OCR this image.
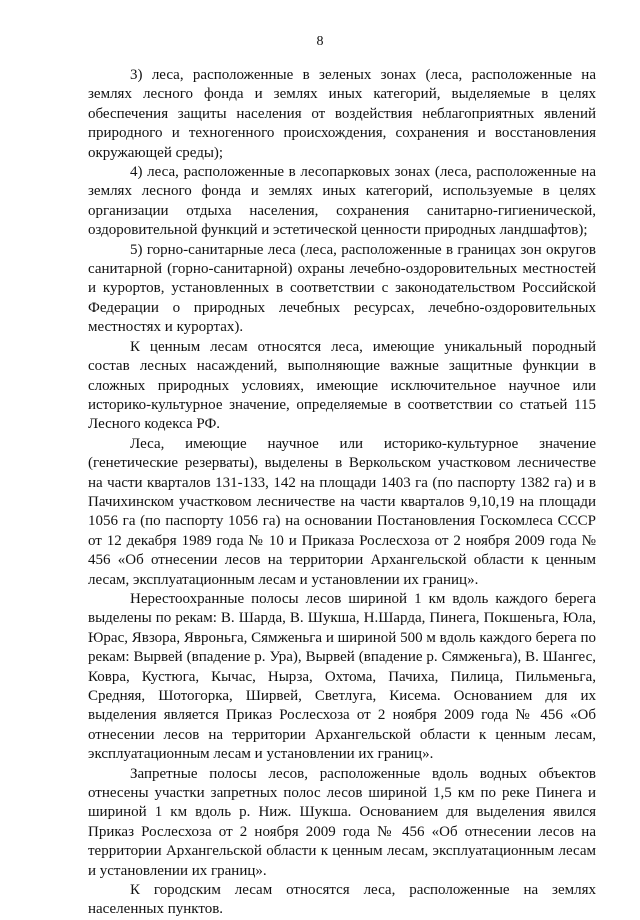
8

3) леса, расположенные в зеленых зонах (леса, расположенные на землях лесного фонда и землях иных категорий, выделяемые в целях обеспечения защиты населения от воздействия неблагоприятных явлений природного и техногенного происхождения, сохранения и восстановления окружающей среды);

4) леса, расположенные в лесопарковых зонах (леса, расположенные на землях лесного фонда и землях иных категорий, используемые в целях организации отдыха населения, сохранения санитарно-гигиенической, оздоровительной функций и эстетической ценности природных ландшафтов);

5) горно-санитарные леса (леса, расположенные в границах зон округов санитарной (горно-санитарной) охраны лечебно-оздоровительных местностей и курортов, установленных в соответствии с законодательством Российской Федерации о природных лечебных ресурсах, лечебно-оздоровительных местностях и курортах).

К ценным лесам относятся леса, имеющие уникальный породный состав лесных насаждений, выполняющие важные защитные функции в сложных природных условиях, имеющие исключительное научное или историко-культурное значение, определяемые в соответствии со статьей 115 Лесного кодекса РФ.

Леса, имеющие научное или историко-культурное значение (генетические резерваты), выделены в Веркольском участковом лесничестве на части кварталов 131-133, 142 на площади 1403 га (по паспорту 1382 га) и в Пачихинском участковом лесничестве на части кварталов 9,10,19 на площади 1056 га (по паспорту 1056 га) на основании Постановления Госкомлеса СССР от 12 декабря 1989 года № 10 и Приказа Рослесхоза от 2 ноября 2009 года № 456 «Об отнесении лесов на территории Архангельской области к ценным лесам, эксплуатационным лесам и установлении их границ».

Нерестоохранные полосы лесов шириной 1 км вдоль каждого берега выделены по рекам: В. Шарда, В. Шукша, Н.Шарда, Пинега, Покшеньга, Юла, Юрас, Явзора, Явроньга, Сямженьга и шириной 500 м вдоль каждого берега по рекам: Вырвей (впадение р. Ура), Вырвей (впадение р. Сямженьга), В. Шангес, Ковра, Кустюга, Кычас, Нырза, Охтома, Пачиха, Пилица, Пильменьга, Средняя, Шотогорка, Ширвей, Светлуга, Кисема. Основанием для их выделения является Приказ Рослесхоза от 2 ноября 2009 года № 456 «Об отнесении лесов на территории Архангельской области к ценным лесам, эксплуатационным лесам и установлении их границ».

Запретные полосы лесов, расположенные вдоль водных объектов отнесены участки запретных полос лесов шириной 1,5 км по реке Пинега и шириной 1 км вдоль р. Ниж. Шукша. Основанием для выделения явился Приказ Рослесхоза от 2 ноября 2009 года № 456 «Об отнесении лесов на территории Архангельской области к ценным лесам, эксплуатационным лесам и установлении их границ».

К городским лесам относятся леса, расположенные на землях населенных пунктов.
